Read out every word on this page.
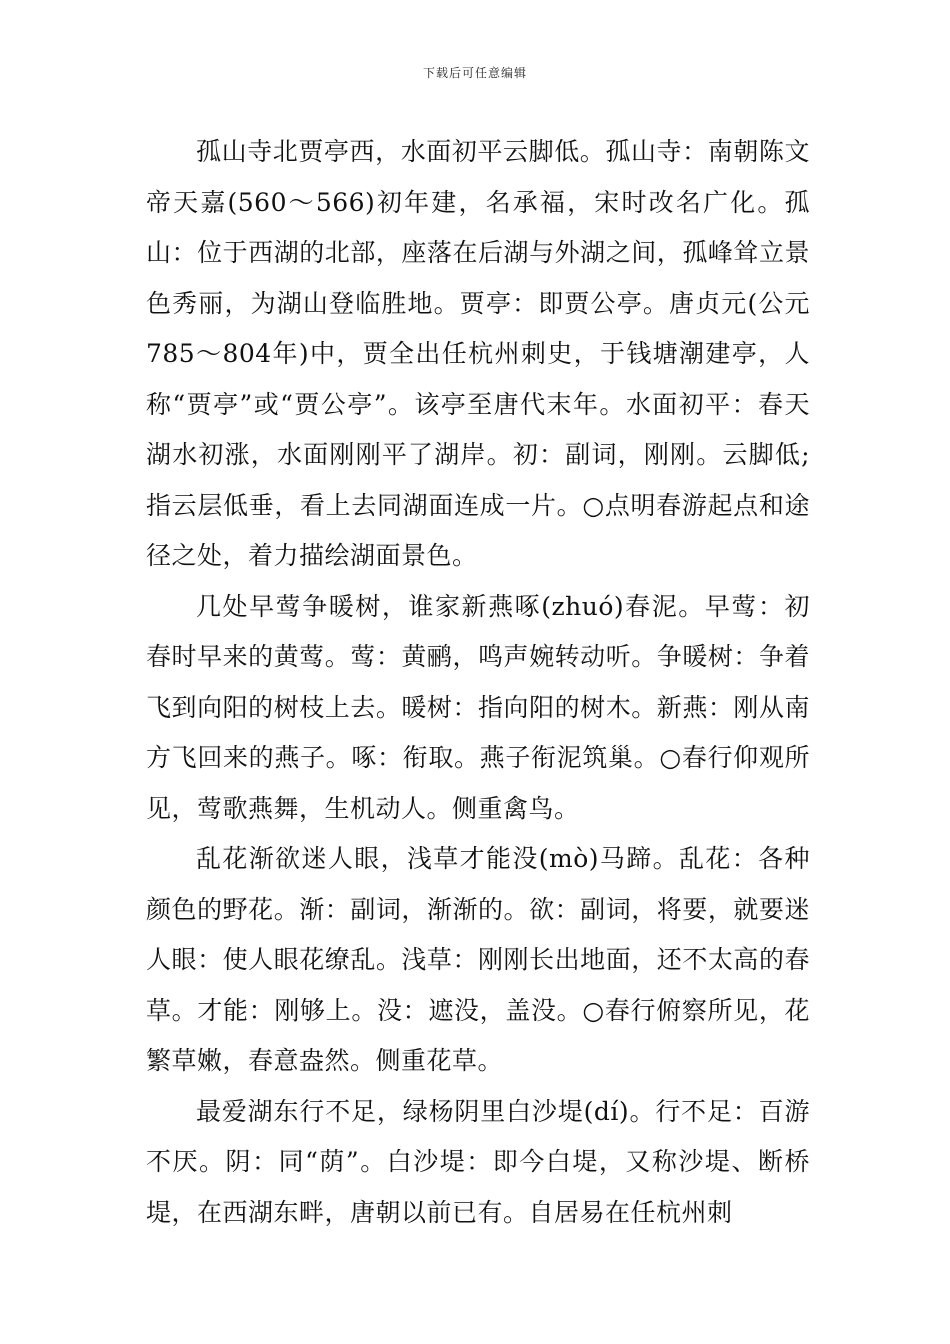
下载后可任意编辑

孤山寺北贾亭西，水面初平云脚低。孤山寺：南朝陈文帝天嘉(560～566)初年建，名承福，宋时改名广化。孤山：位于西湖的北部，座落在后湖与外湖之间，孤峰耸立景色秀丽，为湖山登临胜地。贾亭：即贾公亭。唐贞元(公元785～804年)中，贾全出任杭州刺史，于钱塘潮建亭，人称“贾亭”或“贾公亭”。该亭至唐代末年。水面初平：春天湖水初涨，水面刚刚平了湖岸。初：副词，刚刚。云脚低;指云层低垂，看上去同湖面连成一片。○点明春游起点和途径之处，着力描绘湖面景色。

几处早莺争暖树，谁家新燕啄(zhuó)春泥。早莺：初春时早来的黄莺。莺：黄鹂，鸣声婉转动听。争暖树：争着飞到向阳的树枝上去。暖树：指向阳的树木。新燕：刚从南方飞回来的燕子。啄：衔取。燕子衔泥筑巢。○春行仰观所见，莺歌燕舞，生机动人。侧重禽鸟。

乱花渐欲迷人眼，浅草才能没(mò)马蹄。乱花：各种颜色的野花。渐：副词，渐渐的。欲：副词，将要，就要迷人眼：使人眼花缭乱。浅草：刚刚长出地面，还不太高的春草。才能：刚够上。没：遮没，盖没。○春行俯察所见，花繁草嫩，春意盎然。侧重花草。

最爱湖东行不足，绿杨阴里白沙堤(dí)。行不足：百游不厌。阴：同“荫”。白沙堤：即今白堤，又称沙堤、断桥堤，在西湖东畔，唐朝以前已有。自居易在任杭州刺
